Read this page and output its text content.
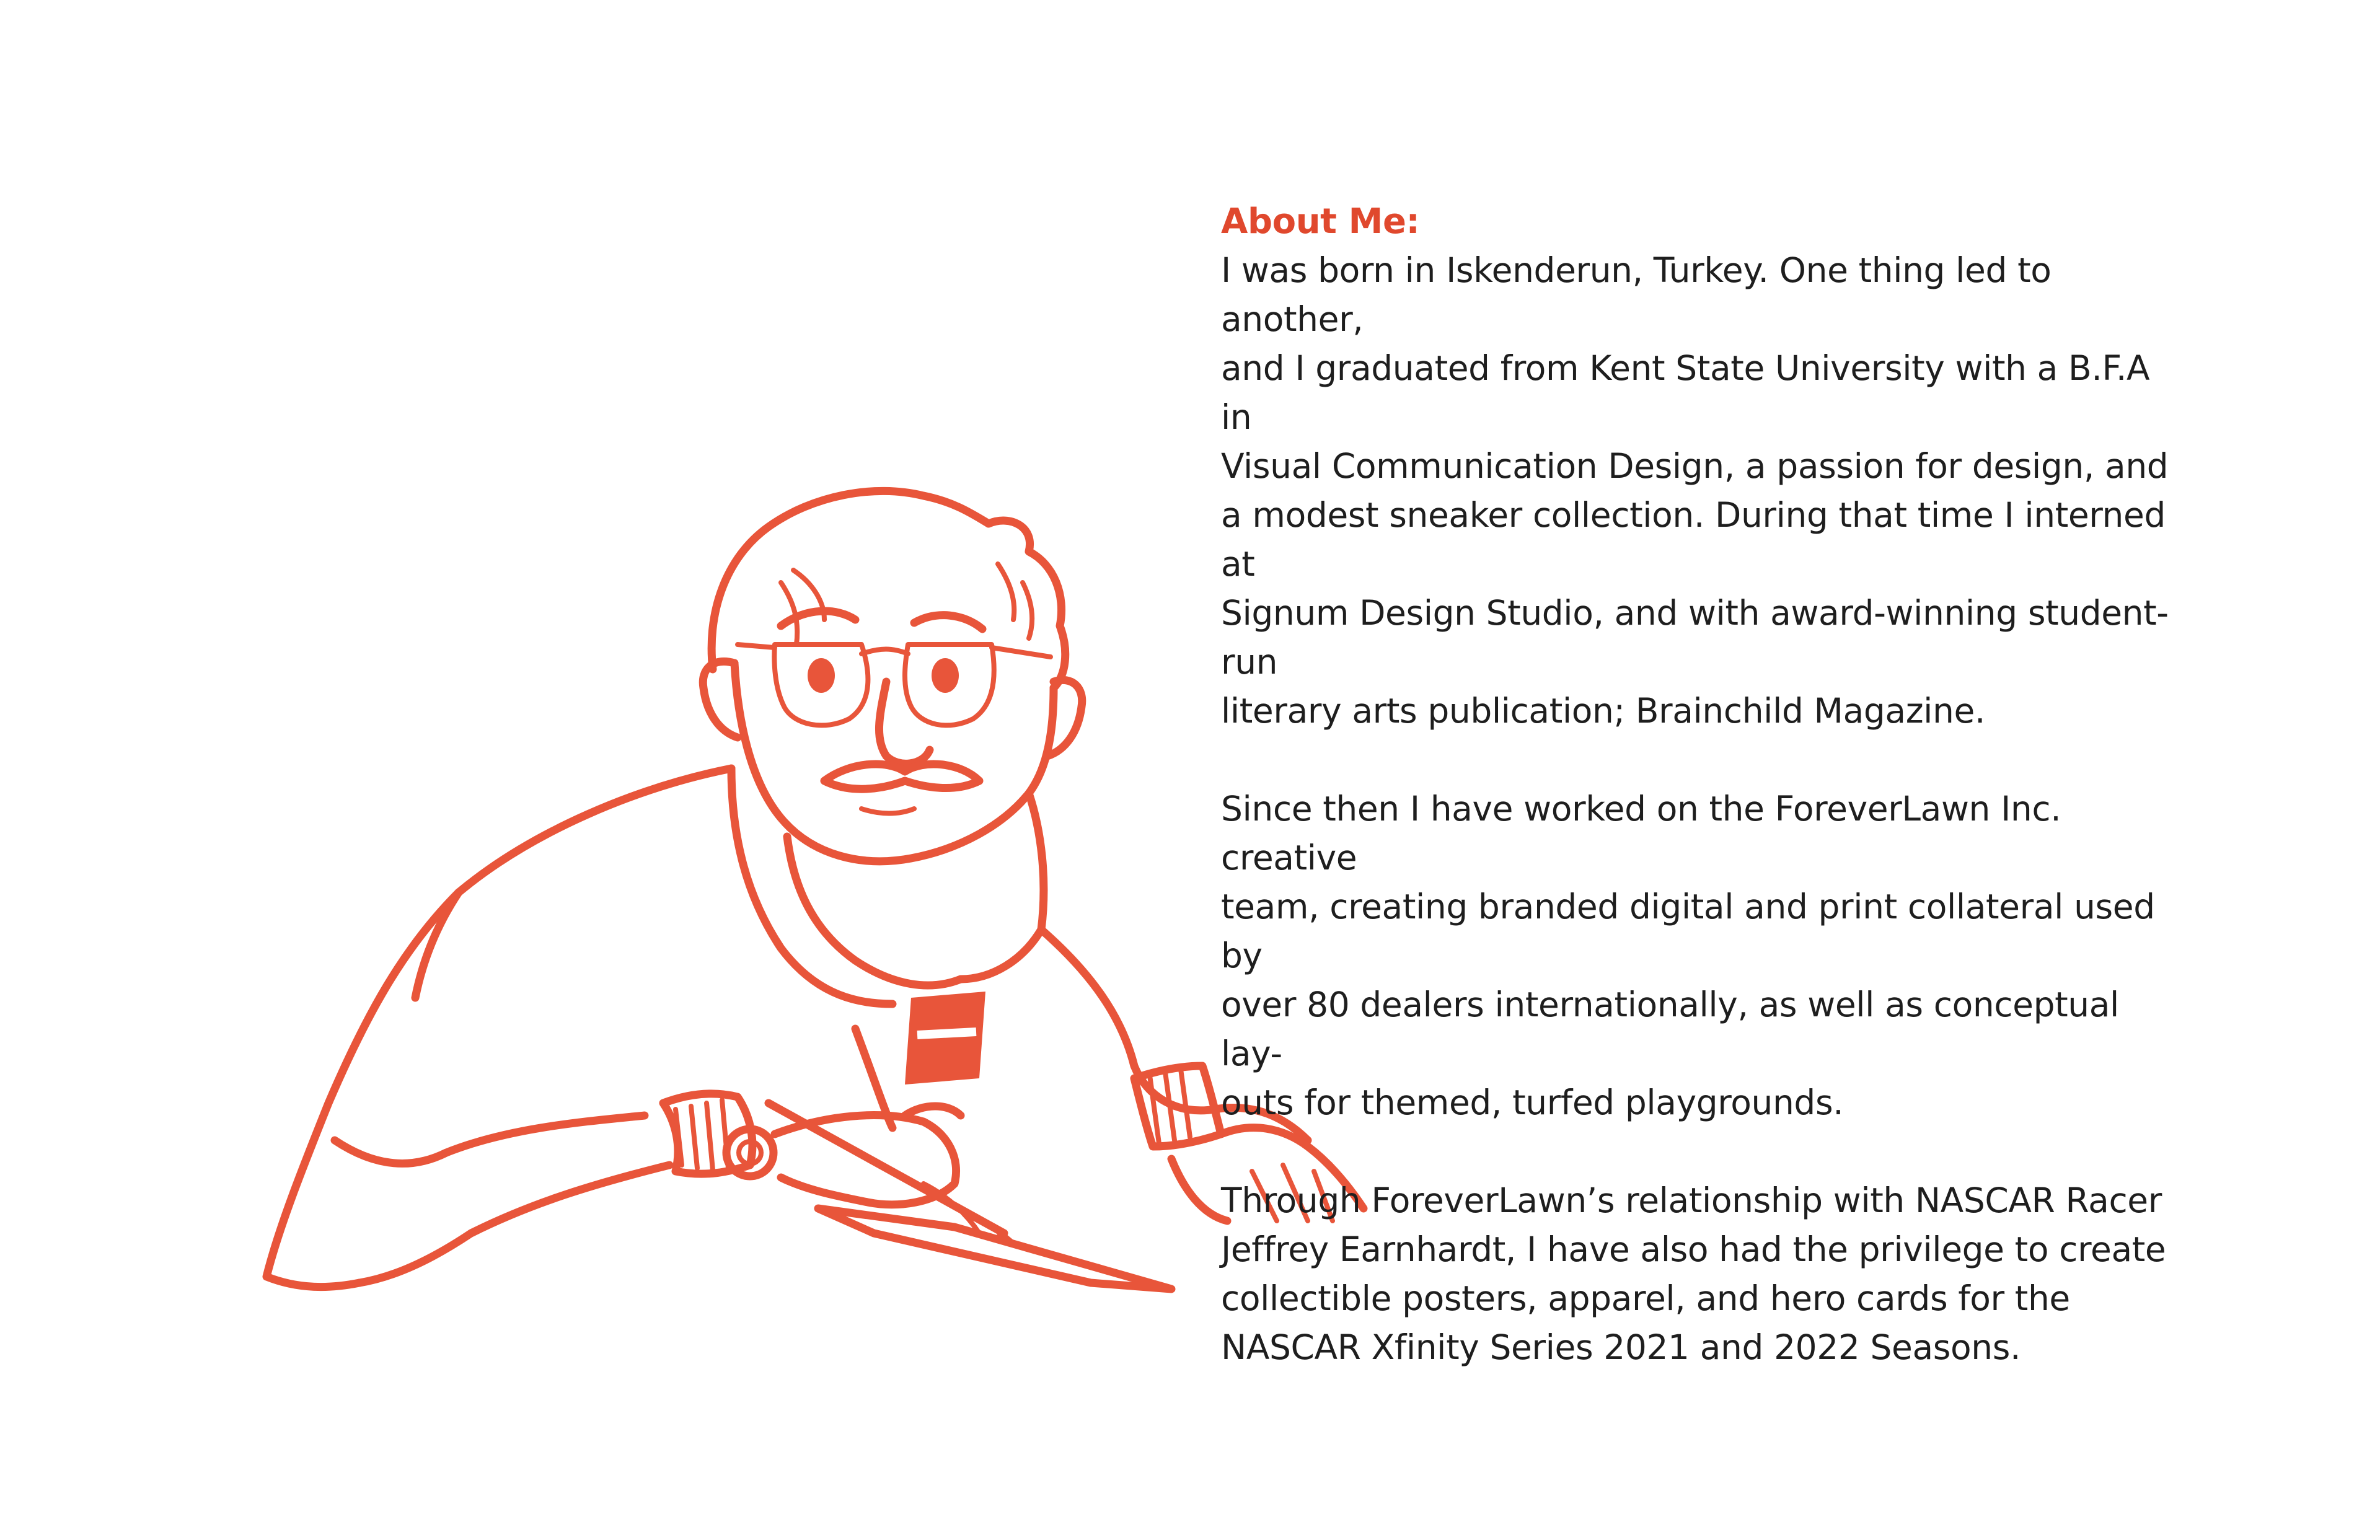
About Me:

I was born in Iskenderun, Turkey. One thing led to another,
and I graduated from Kent State University with a B.F.A in
Visual Communication Design, a passion for design, and
a modest sneaker collection. During that time I interned at
Signum Design Studio, and with award-winning student-run
literary arts publication; Brainchild Magazine.

Since then I have worked on the ForeverLawn Inc. creative
team, creating branded digital and print collateral used by
over 80 dealers internationally, as well as conceptual lay-
outs for themed, turfed playgrounds.

Through ForeverLawn’s relationship with NASCAR Racer
Jeffrey Earnhardt, I have also had the privilege to create
collectible posters, apparel, and hero cards for the
NASCAR Xfinity Series 2021 and 2022 Seasons.
